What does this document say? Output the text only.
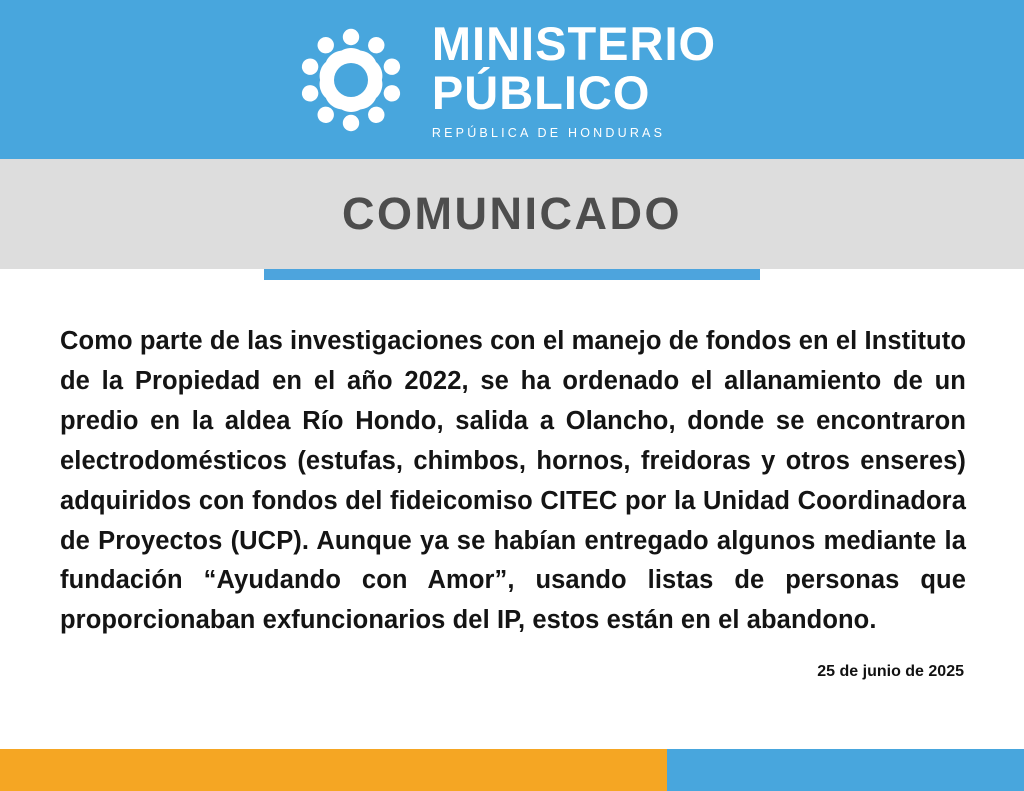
MINISTERIO
PÚBLICO
REPÚBLICA DE HONDURAS
COMUNICADO

Como parte de las investigaciones con el manejo de fondos en el Instituto de la Propiedad en el año 2022, se ha ordenado el allanamiento de un predio en la aldea Río Hondo, salida a Olancho, donde se encontraron electrodomésticos (estufas, chimbos, hornos, freidoras y otros enseres) adquiridos con fondos del fideicomiso CITEC por la Unidad Coordinadora de Proyectos (UCP). Aunque ya se habían entregado algunos mediante la fundación “Ayudando con Amor”, usando listas de personas que proporcionaban exfuncionarios del IP, estos están en el abandono.

25 de junio de 2025
